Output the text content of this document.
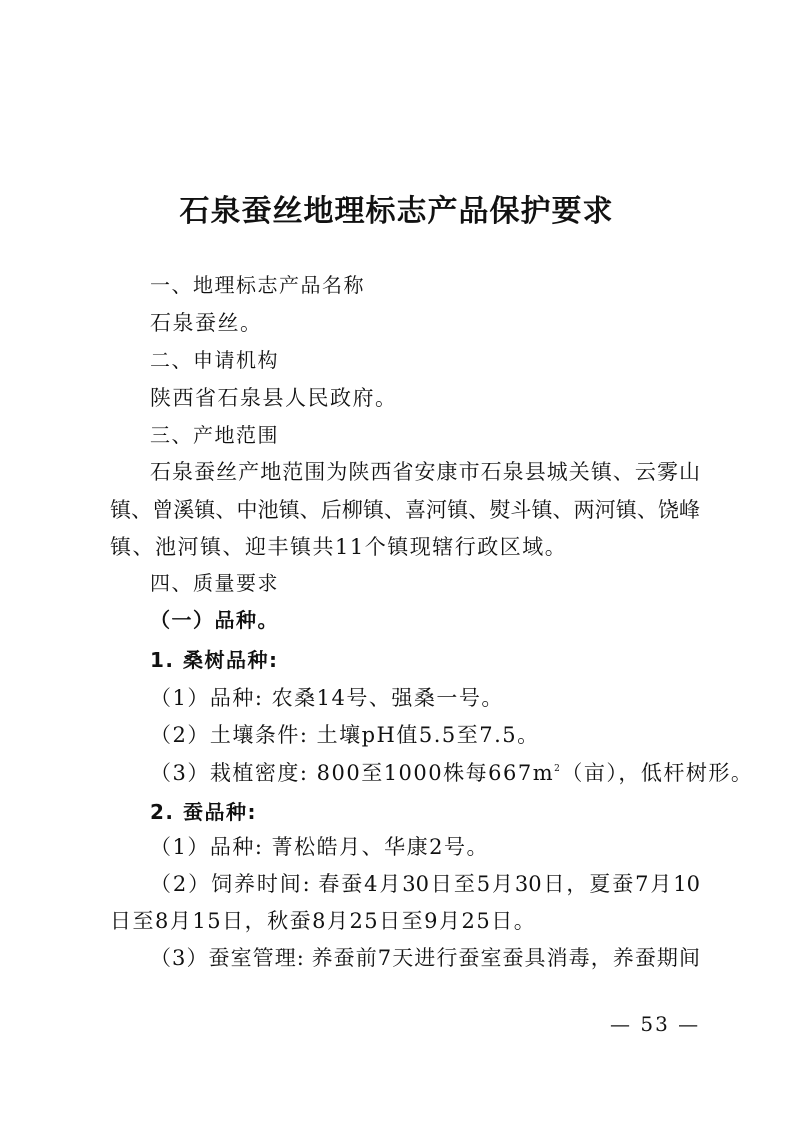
石泉蚕丝地理标志产品保护要求
一、地理标志产品名称
石泉蚕丝。
二、申请机构
陕西省石泉县人民政府。
三、产地范围
石泉蚕丝产地范围为陕西省安康市石泉县城关镇、云雾山
镇、曾溪镇、中池镇、后柳镇、喜河镇、熨斗镇、两河镇、饶峰
镇、池河镇、迎丰镇共11个镇现辖行政区域。
四、质量要求
（一）品种。
1. 桑树品种:
（1）品种: 农桑14号、强桑一号。
（2）土壤条件: 土壤pH值5.5至7.5。
（3）栽植密度: 800至1000株每$667m^2$（亩），低杆树形。
2. 蚕品种:
（1）品种: 菁松皓月、华康2号。
（2）饲养时间: 春蚕4月30日至5月30日，夏蚕7月10
日至8月15日，秋蚕8月25日至9月25日。
（3）蚕室管理: 养蚕前7天进行蚕室蚕具消毒，养蚕期间
— 53 —
